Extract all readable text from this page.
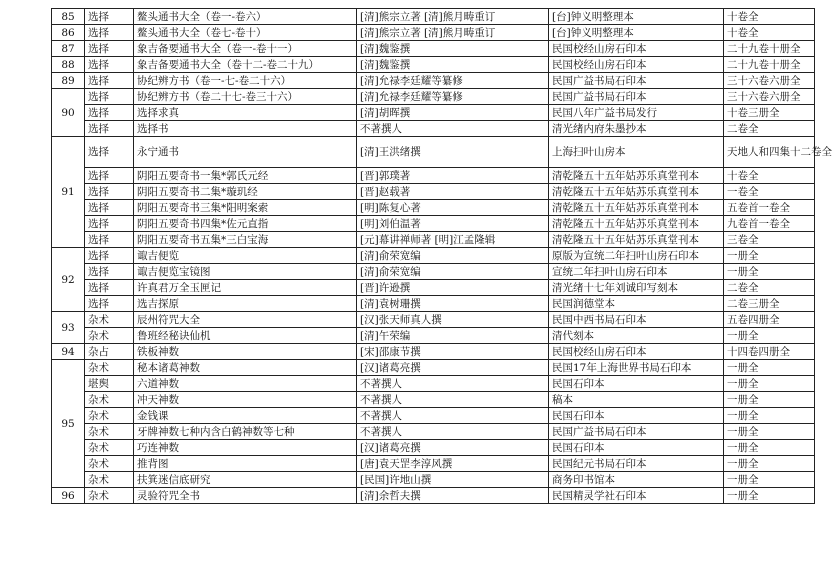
85	选择	鳌头通书大全（卷一-卷六）	[清]熊宗立著 [清]熊月畴重订	[台]钟义明整理本	十卷全
86	选择	鳌头通书大全（卷七-卷十）	[清]熊宗立著 [清]熊月畴重订	[台]钟义明整理本	十卷全
87	选择	象吉备要通书大全（卷一-卷十一）	[清]魏鉴撰	民国校经山房石印本	二十九卷十册全
88	选择	象吉备要通书大全（卷十二-卷二十九）	[清]魏鉴撰	民国校经山房石印本	二十九卷十册全
89	选择	协纪辨方书（卷一-七-卷二十六）	[清]允禄李廷耀等纂修	民国广益书局石印本	三十六卷六册全
90	选择	协纪辨方书（卷二十七-卷三十六）	[清]允禄李廷耀等纂修	民国广益书局石印本	三十六卷六册全
	选择	选择求真	[清]胡晖撰	民国八年广益书局发行	十卷三册全
	选择	选择书	不著撰人	清光绪内府朱墨抄本	二卷全
91	选择	永宁通书	[清]王洪绪撰	上海扫叶山房本	天地人和四集十二卷全
	选择	阴阳五要奇书一集*郭氏元经	[晋]郭璞著	清乾隆五十五年姑苏乐真堂刊本	十卷全
	选择	阴阳五要奇书二集*璇玑经	[晋]赵载著	清乾隆五十五年姑苏乐真堂刊本	一卷全
	选择	阴阳五要奇书三集*阳明案索	[明]陈复心著	清乾隆五十五年姑苏乐真堂刊本	五卷首一卷全
	选择	阴阳五要奇书四集*佐元直指	[明]刘伯温著	清乾隆五十五年姑苏乐真堂刊本	九卷首一卷全
	选择	阴阳五要奇书五集*三白宝海	[元]幕讲禅师著 [明]江孟隆辑	清乾隆五十五年姑苏乐真堂刊本	三卷全
92	选择	诹吉便览	[清]俞荣宽编	原版为宣统二年扫叶山房石印本	一册全
	选择	诹吉便览宝镜图	[清]俞荣宽编	宣统二年扫叶山房石印本	一册全
	选择	许真君万全玉匣记	[晋]许逊撰	清光绪十七年刘诚印写刻本	二卷全
	选择	选吉探原	[清]袁树珊撰	民国润德堂本	二卷三册全
93	杂术	辰州符咒大全	[汉]张天师真人撰	民国中西书局石印本	五卷四册全
	杂术	鲁班经秘诀仙机	[清]午荣编	清代刻本	一册全
94	杂占	铁板神数	[宋]邵康节撰	民国校经山房石印本	十四卷四册全
95	杂术	秘本诸葛神数	[汉]诸葛亮撰	民国17年上海世界书局石印本	一册全
	堪舆	六道神数	不著撰人	民国石印本	一册全
	杂术	冲天神数	不著撰人	稿本	一册全
	杂术	金钱课	不著撰人	民国石印本	一册全
	杂术	牙牌神数七种内含白鹤神数等七种	不著撰人	民国广益书局石印本	一册全
	杂术	巧连神数	[汉]诸葛亮撰	民国石印本	一册全
	杂术	推背图	[唐]袁天罡李淳风撰	民国纪元书局石印本	一册全
	杂术	扶箕迷信底研究	[民国]许地山撰	商务印书馆本	一册全
96	杂术	灵验符咒全书	[清]余哲夫撰	民国精灵学社石印本	一册全
